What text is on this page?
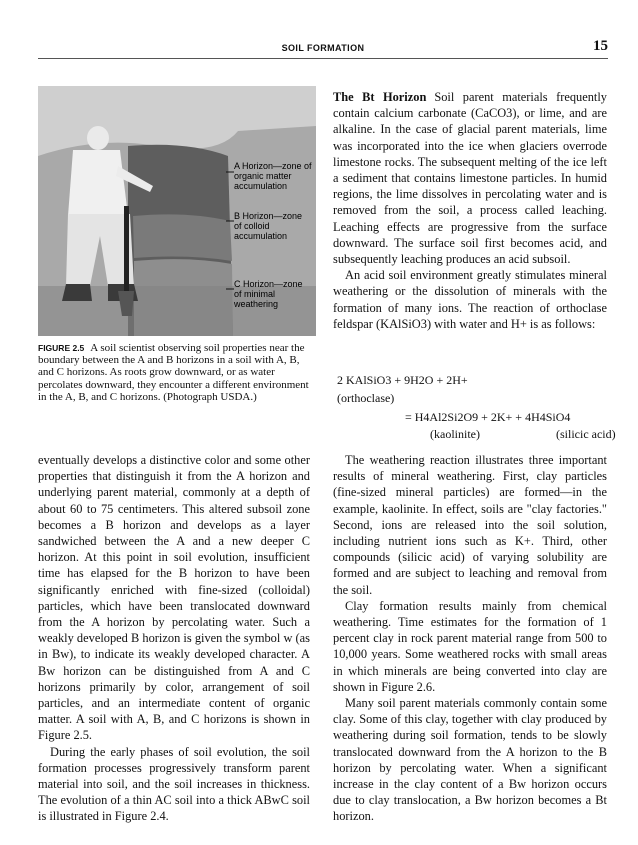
SOIL FORMATION	15
A Horizon—zone of
organic matter
accumulation
B Horizon—zone
of colloid
accumulation
C Horizon—zone
of minimal
weathering
FIGURE 2.5 A soil scientist observing soil properties near the boundary between the A and B horizons in a soil with A, B, and C horizons. As roots grow downward, or as water percolates downward, they encounter a different environment in the A, B, and C horizons. (Photograph USDA.)

eventually develops a distinctive color and some other properties that distinguish it from the A horizon and underlying parent material, commonly at a depth of about 60 to 75 centimeters. This altered subsoil zone becomes a B horizon and develops as a layer sandwiched between the A and a new deeper C horizon. At this point in soil evolution, insufficient time has elapsed for the B horizon to have been significantly enriched with fine-sized (colloidal) particles, which have been translocated downward from the A horizon by percolating water. Such a weakly developed B horizon is given the symbol w (as in Bw), to indicate its weakly developed character. A Bw horizon can be distinguished from A and C horizons primarily by color, arrangement of soil particles, and an intermediate content of organic matter. A soil with A, B, and C horizons is shown in Figure 2.5.

During the early phases of soil evolution, the soil formation processes progressively transform parent material into soil, and the soil increases in thickness. The evolution of a thin AC soil into a thick ABwC soil is illustrated in Figure 2.4.

The Bt Horizon Soil parent materials frequently contain calcium carbonate (CaCO3), or lime, and are alkaline. In the case of glacial parent materials, lime was incorporated into the ice when glaciers overrode limestone rocks. The subsequent melting of the ice left a sediment that contains limestone particles. In humid regions, the lime dissolves in percolating water and is removed from the soil, a process called leaching. Leaching effects are progressive from the surface downward. The surface soil first becomes acid, and subsequently leaching produces an acid subsoil.

An acid soil environment greatly stimulates mineral weathering or the dissolution of minerals with the formation of many ions. The reaction of orthoclase feldspar (KAlSiO3) with water and H+ is as follows:

2 KAlSiO3 + 9H2O + 2H+
(orthoclase)
= H4Al2Si2O9 + 2K+ + 4H4SiO4
(kaolinite)	(silicic acid)

The weathering reaction illustrates three important results of mineral weathering. First, clay particles (fine-sized mineral particles) are formed—in the example, kaolinite. In effect, soils are "clay factories." Second, ions are released into the soil solution, including nutrient ions such as K+. Third, other compounds (silicic acid) of varying solubility are formed and are subject to leaching and removal from the soil.

Clay formation results mainly from chemical weathering. Time estimates for the formation of 1 percent clay in rock parent material range from 500 to 10,000 years. Some weathered rocks with small areas in which minerals are being converted into clay are shown in Figure 2.6.

Many soil parent materials commonly contain some clay. Some of this clay, together with clay produced by weathering during soil formation, tends to be slowly translocated downward from the A horizon to the B horizon by percolating water. When a significant increase in the clay content of a Bw horizon occurs due to clay translocation, a Bw horizon becomes a Bt horizon.
